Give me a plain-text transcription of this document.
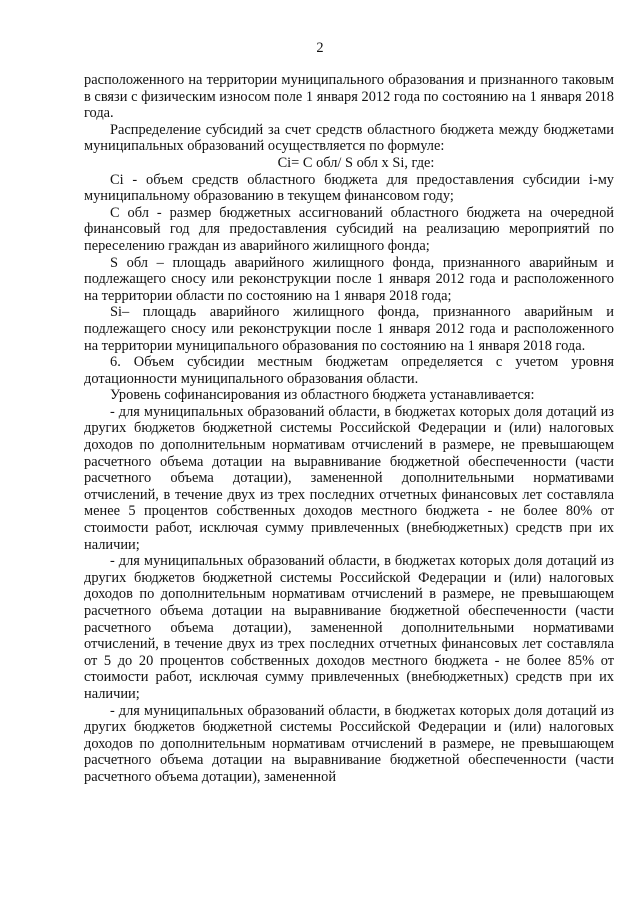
2

расположенного на территории муниципального образования и признанного таковым в связи с физическим износом поле 1 января 2012 года по состоянию на 1 января 2018 года.

Распределение субсидий за счет средств областного бюджета между бюджетами муниципальных образований осуществляется по формуле:

Ci= С обл/ S обл x Si, где:

Ci - объем средств областного бюджета для предоставления субсидии i-му муниципальному образованию в текущем финансовом году;

С обл - размер бюджетных ассигнований областного бюджета на очередной финансовый год для предоставления субсидий на реализацию мероприятий по переселению граждан из аварийного жилищного фонда;

S обл – площадь аварийного жилищного фонда, признанного аварийным и подлежащего сносу или реконструкции после 1 января 2012 года и расположенного на территории области по состоянию на 1 января 2018 года;

Si– площадь аварийного жилищного фонда, признанного аварийным и подлежащего сносу или реконструкции после 1 января 2012 года и расположенного на территории муниципального образования по состоянию на 1 января 2018 года.

6. Объем субсидии местным бюджетам определяется с учетом уровня дотационности муниципального образования области.

Уровень софинансирования из областного бюджета устанавливается:

- для муниципальных образований области, в бюджетах которых доля дотаций из других бюджетов бюджетной системы Российской Федерации и (или) налоговых доходов по дополнительным нормативам отчислений в размере, не превышающем расчетного объема дотации на выравнивание бюджетной обеспеченности (части расчетного объема дотации), замененной дополнительными нормативами отчислений, в течение двух из трех последних отчетных финансовых лет составляла менее 5 процентов собственных доходов местного бюджета - не более 80% от стоимости работ, исключая сумму привлеченных (внебюджетных) средств при их наличии;

- для муниципальных образований области, в бюджетах которых доля дотаций из других бюджетов бюджетной системы Российской Федерации и (или) налоговых доходов по дополнительным нормативам отчислений в размере, не превышающем расчетного объема дотации на выравнивание бюджетной обеспеченности (части расчетного объема дотации), замененной дополнительными нормативами отчислений, в течение двух из трех последних отчетных финансовых лет составляла от 5 до 20 процентов собственных доходов местного бюджета - не более 85% от стоимости работ, исключая сумму привлеченных (внебюджетных) средств при их наличии;

- для муниципальных образований области, в бюджетах которых доля дотаций из других бюджетов бюджетной системы Российской Федерации и (или) налоговых доходов по дополнительным нормативам отчислений в размере, не превышающем расчетного объема дотации на выравнивание бюджетной обеспеченности (части расчетного объема дотации), замененной
